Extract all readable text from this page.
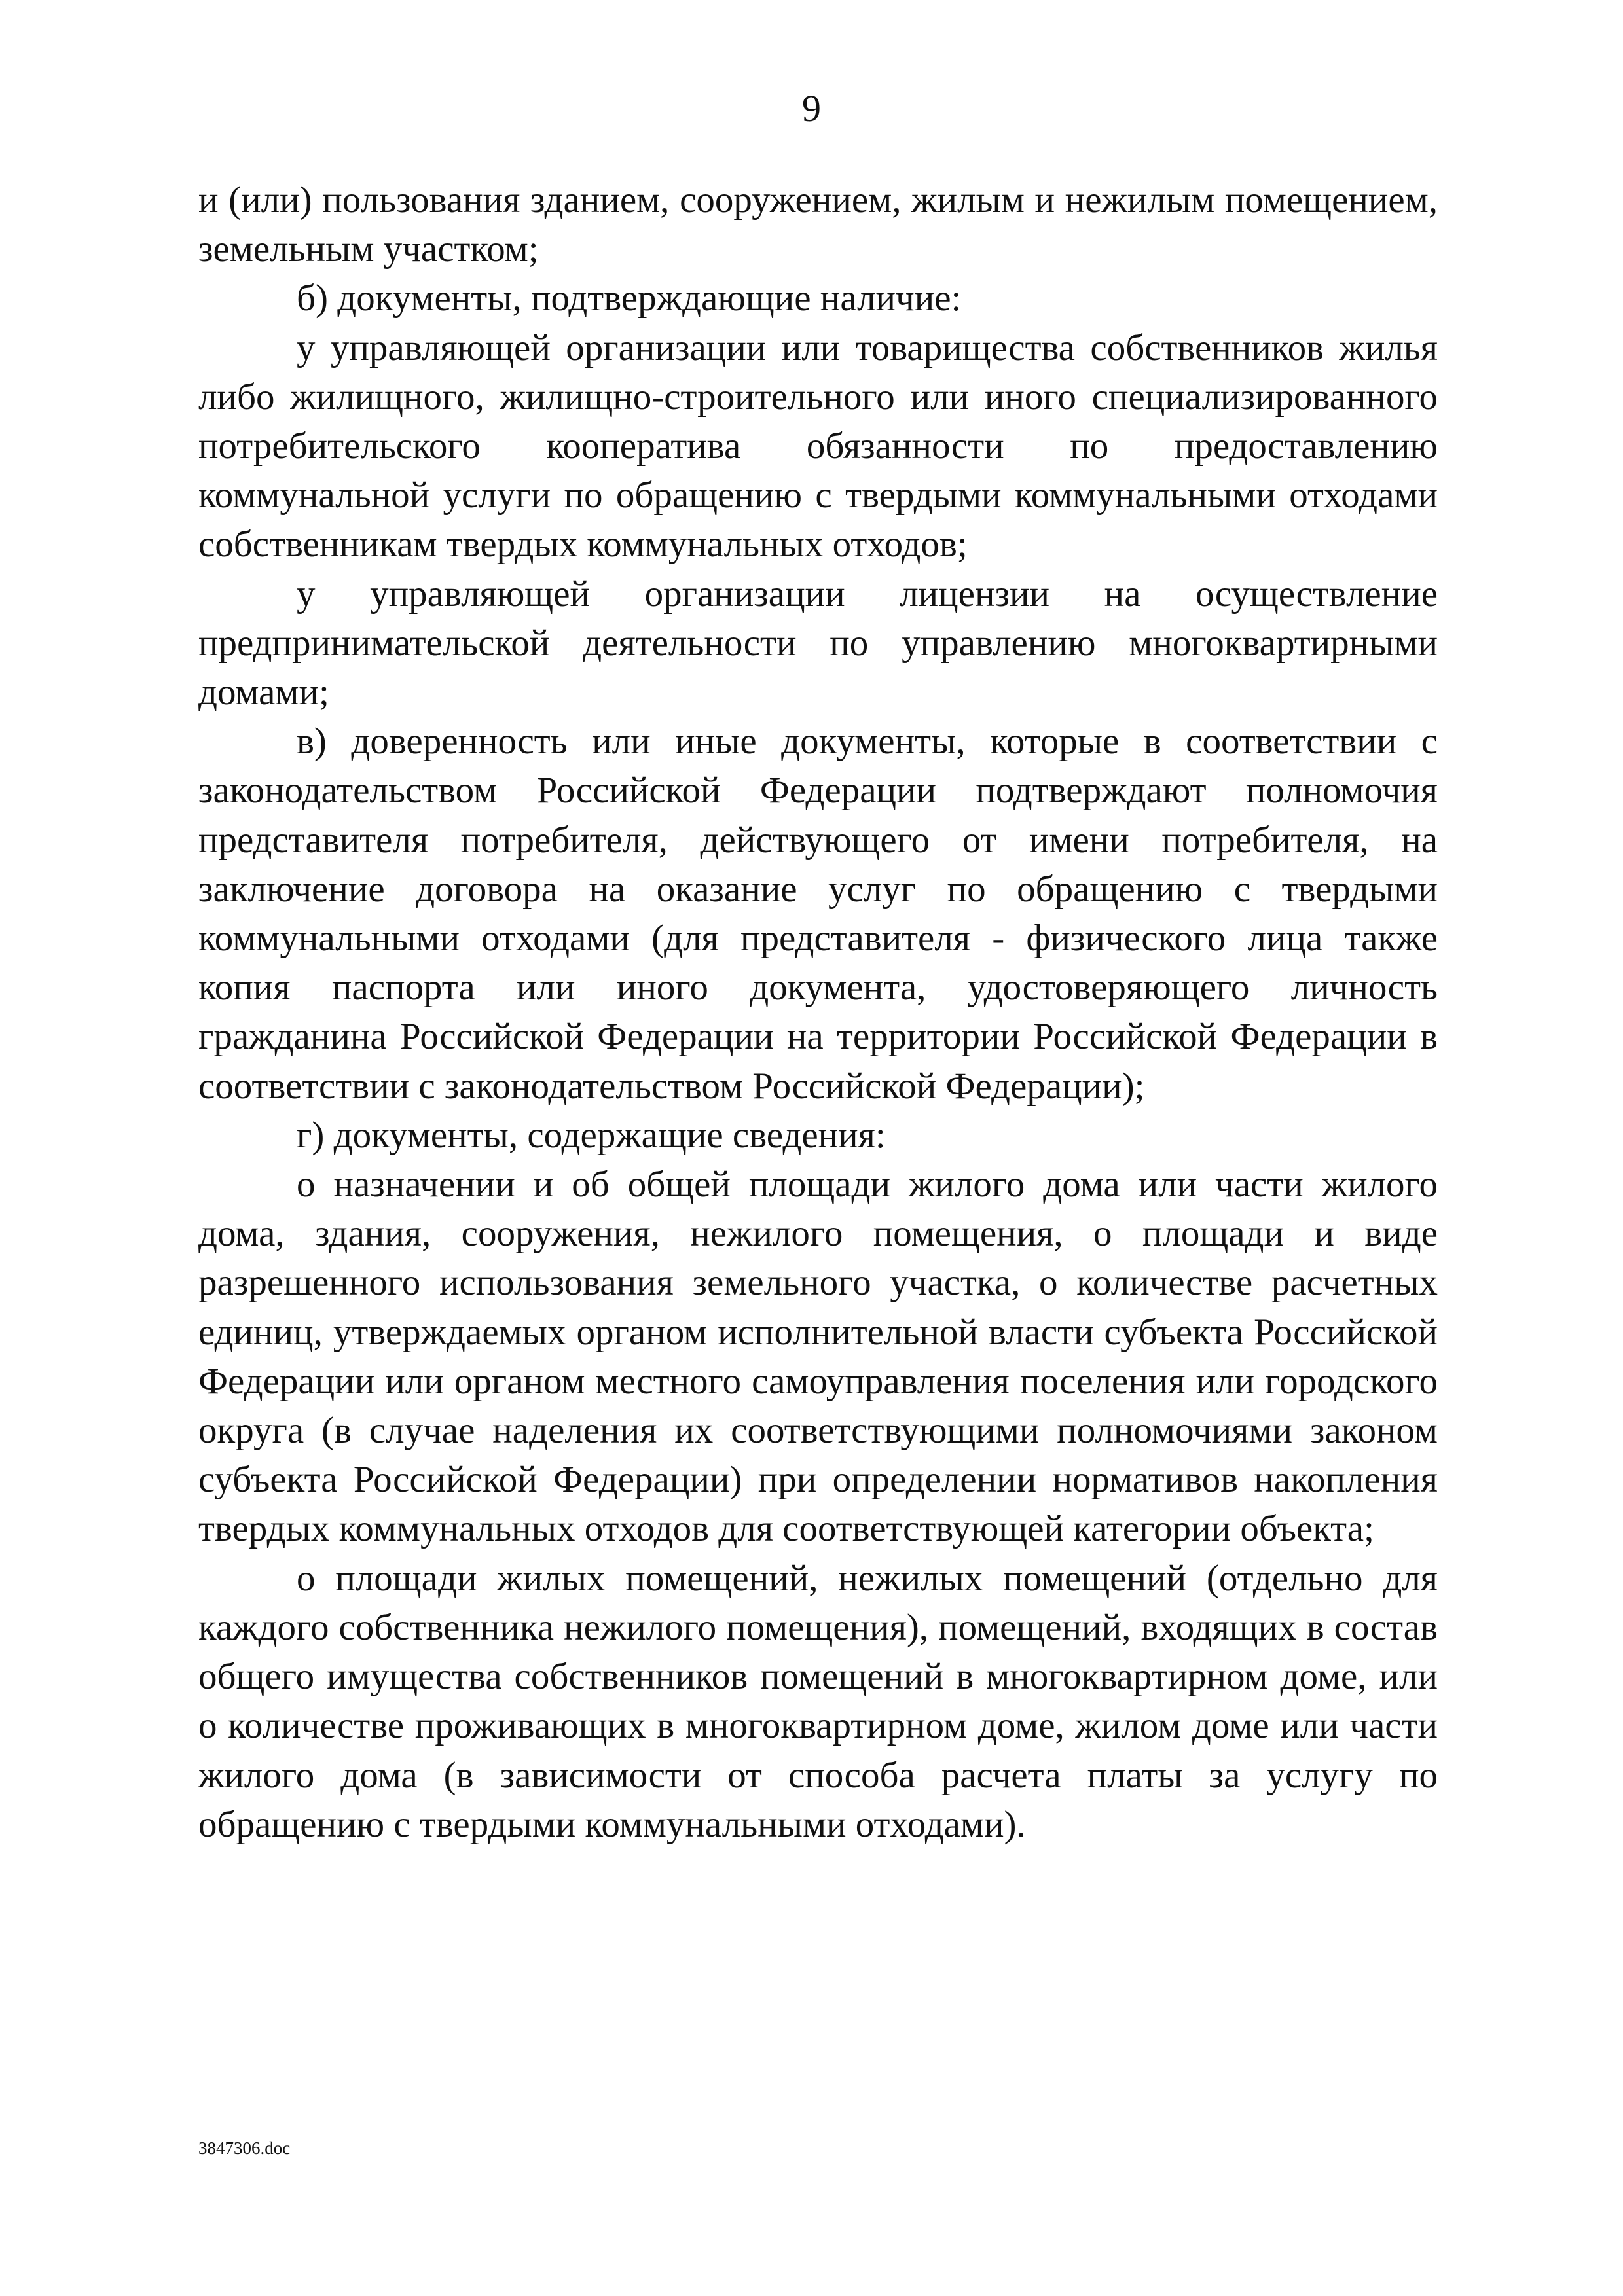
9

и (или) пользования зданием, сооружением, жилым и нежилым помещением, земельным участком;

б) документы, подтверждающие наличие:

у управляющей организации или товарищества собственников жилья либо жилищного, жилищно-строительного или иного специализированного потребительского кооператива обязанности по предоставлению коммунальной услуги по обращению с твердыми коммунальными отходами собственникам твердых коммунальных отходов;

у управляющей организации лицензии на осуществление предпринимательской деятельности по управлению многоквартирными домами;

в) доверенность или иные документы, которые в соответствии с законодательством Российской Федерации подтверждают полномочия представителя потребителя, действующего от имени потребителя, на заключение договора на оказание услуг по обращению с твердыми коммунальными отходами (для представителя - физического лица также копия паспорта или иного документа, удостоверяющего личность гражданина Российской Федерации на территории Российской Федерации в соответствии с законодательством Российской Федерации);

г) документы, содержащие сведения:

о назначении и об общей площади жилого дома или части жилого дома, здания, сооружения, нежилого помещения, о площади и виде разрешенного использования земельного участка, о количестве расчетных единиц, утверждаемых органом исполнительной власти субъекта Российской Федерации или органом местного самоуправления поселения или городского округа (в случае наделения их соответствующими полномочиями законом субъекта Российской Федерации) при определении нормативов накопления твердых коммунальных отходов для соответствующей категории объекта;

о площади жилых помещений, нежилых помещений (отдельно для каждого собственника нежилого помещения), помещений, входящих в состав общего имущества собственников помещений в многоквартирном доме, или о количестве проживающих в многоквартирном доме, жилом доме или части жилого дома (в зависимости от способа расчета платы за услугу по обращению с твердыми коммунальными отходами).

3847306.doc
